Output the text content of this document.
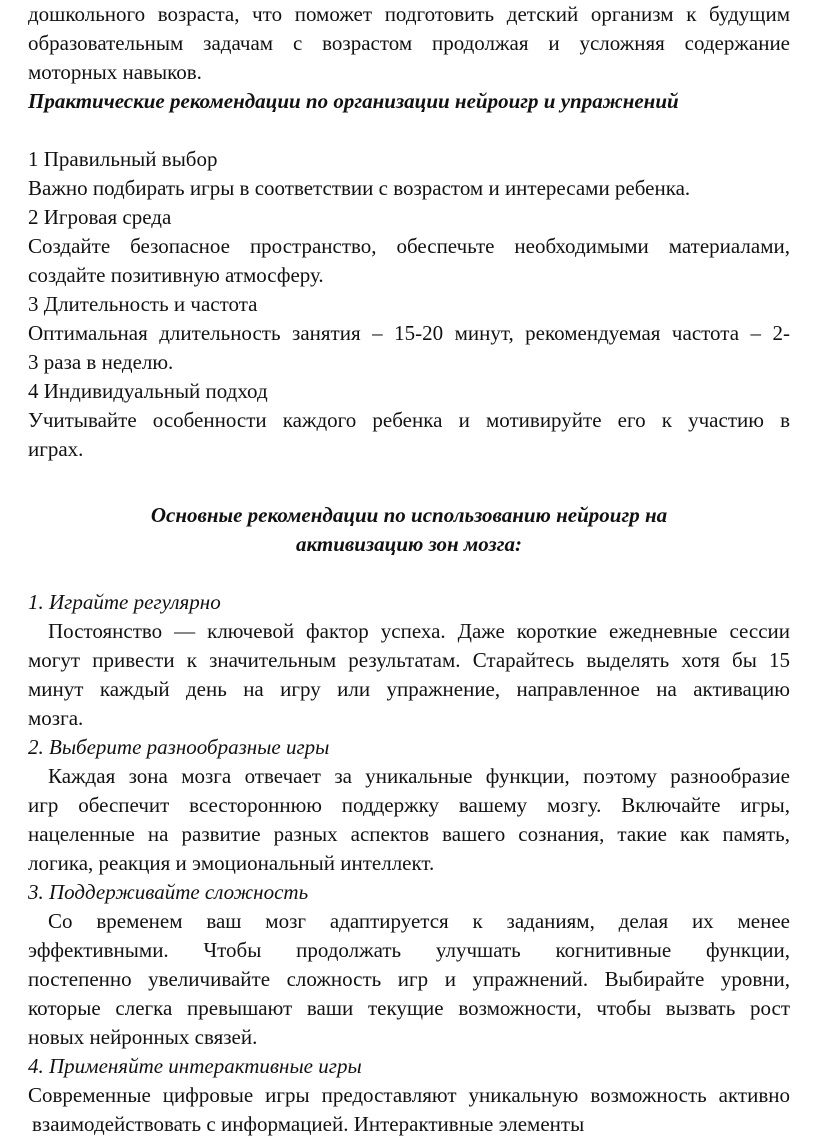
дошкольного возраста, что поможет подготовить детский организм к будущим
образовательным задачам с возрастом продолжая и усложняя содержание
моторных навыков.
Практические рекомендации по организации нейроигр и упражнений
1 Правильный выбор
Важно подбирать игры в соответствии с возрастом и интересами ребенка.
2 Игровая среда
Создайте безопасное пространство, обеспечьте необходимыми материалами,
создайте позитивную атмосферу.
3 Длительность и частота
Оптимальная длительность занятия – 15-20 минут, рекомендуемая частота – 2-
3 раза в неделю.
4 Индивидуальный подход
Учитывайте особенности каждого ребенка и мотивируйте его к участию в
играх.
Основные рекомендации по использованию нейроигр на
активизацию зон мозга:
1. Играйте регулярно
Постоянство — ключевой фактор успеха. Даже короткие ежедневные сессии
могут привести к значительным результатам. Старайтесь выделять хотя бы 15
минут каждый день на игру или упражнение, направленное на активацию
мозга.
2. Выберите разнообразные игры
Каждая зона мозга отвечает за уникальные функции, поэтому разнообразие
игр обеспечит всестороннюю поддержку вашему мозгу. Включайте игры,
нацеленные на развитие разных аспектов вашего сознания, такие как память,
логика, реакция и эмоциональный интеллект.
3. Поддерживайте сложность
Со временем ваш мозг адаптируется к заданиям, делая их менее
эффективными. Чтобы продолжать улучшать когнитивные функции,
постепенно увеличивайте сложность игр и упражнений. Выбирайте уровни,
которые слегка превышают ваши текущие возможности, чтобы вызвать рост
новых нейронных связей.
4. Применяйте интерактивные игры
Современные цифровые игры предоставляют уникальную возможность активно
взаимодействовать с информацией. Интерактивные элементы
